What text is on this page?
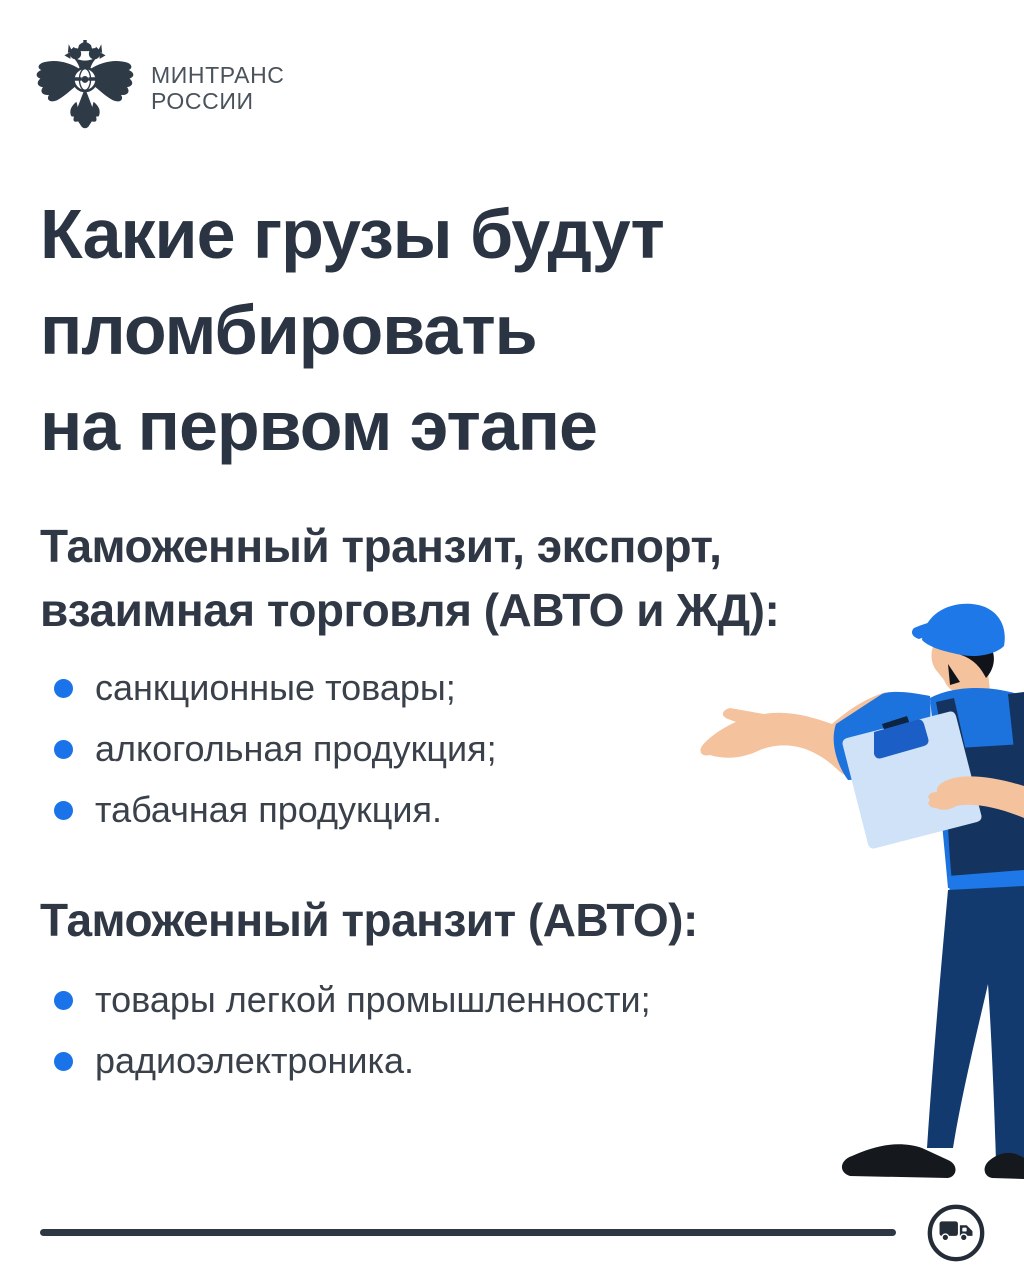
МИНТРАНС
РОССИИ
Какие грузы будут
пломбировать
на первом этапе
Таможенный транзит, экспорт,
взаимная торговля (АВТО и ЖД):
санкционные товары;
алкогольная продукция;
табачная продукция.
Таможенный транзит (АВТО):
товары легкой промышленности;
радиоэлектроника.
